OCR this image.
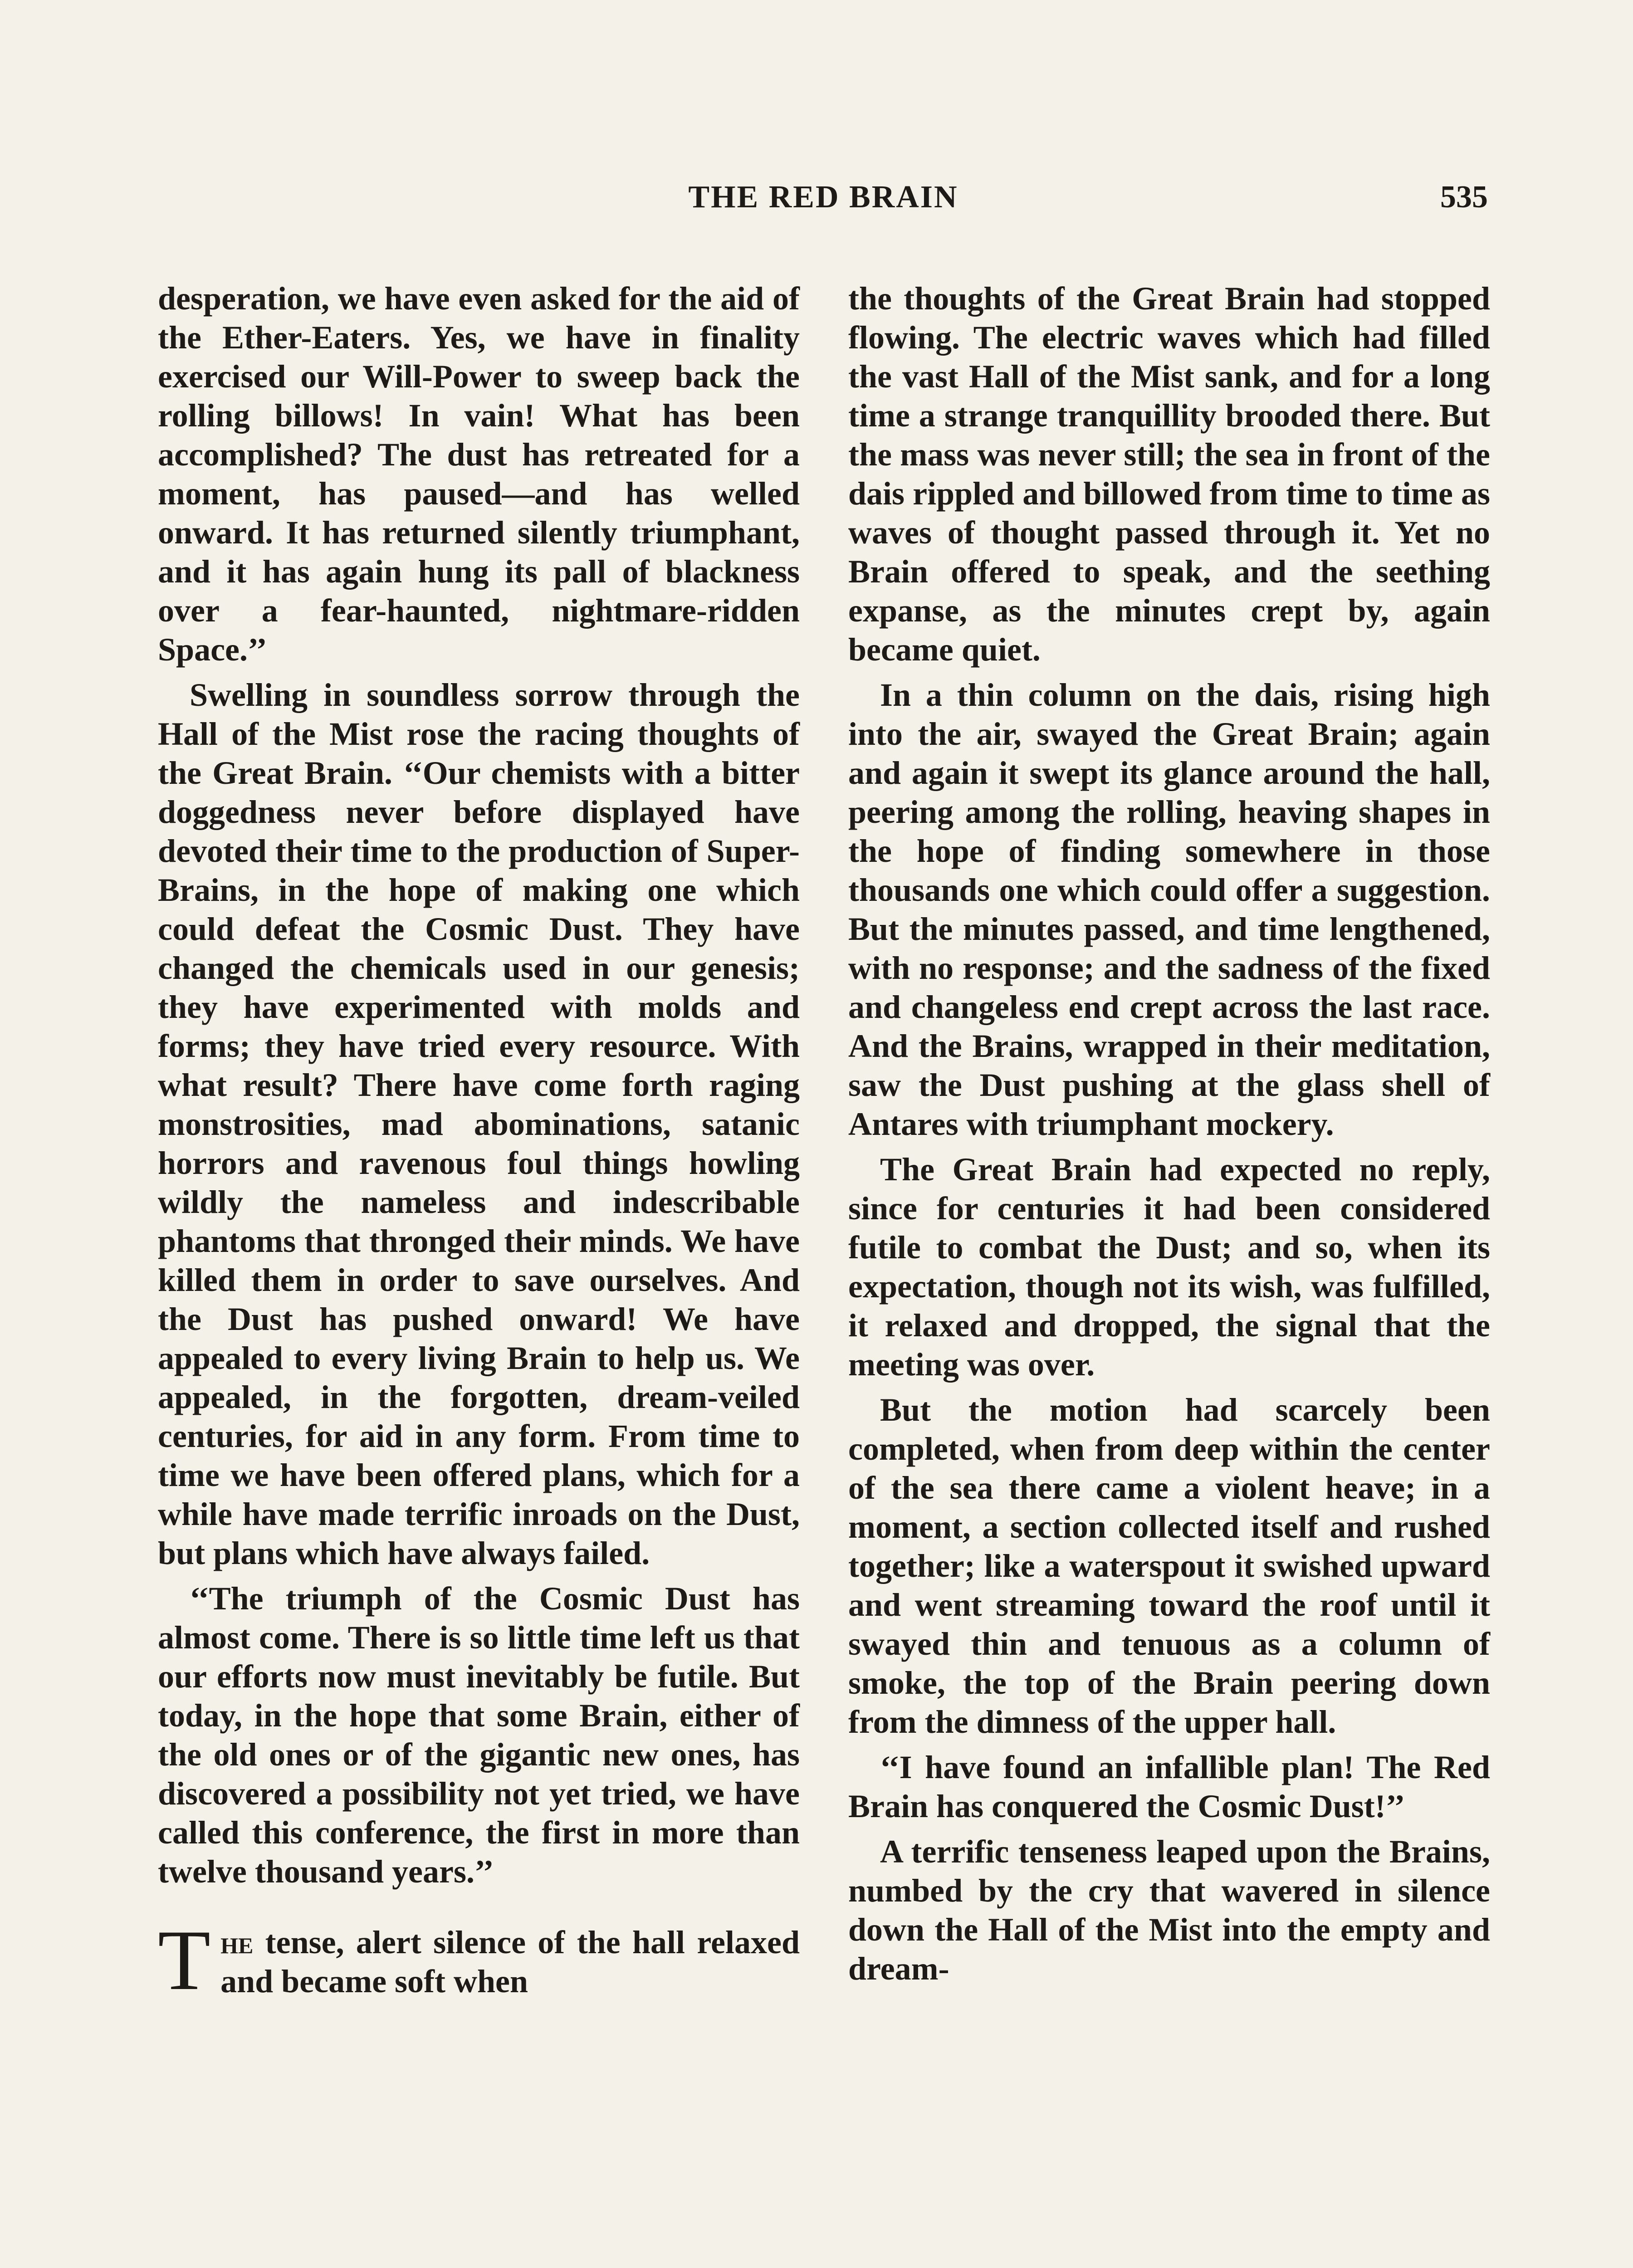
THE RED BRAIN	535

desperation, we have even asked for the aid of the Ether-Eaters. Yes, we have in finality exercised our Will-Power to sweep back the rolling billows! In vain! What has been accomplished? The dust has retreated for a moment, has paused—and has welled onward. It has returned silently triumphant, and it has again hung its pall of blackness over a fear-haunted, nightmare-ridden Space.’’

Swelling in soundless sorrow through the Hall of the Mist rose the racing thoughts of the Great Brain. ‘‘Our chemists with a bitter doggedness never before displayed have devoted their time to the production of Super-Brains, in the hope of making one which could defeat the Cosmic Dust. They have changed the chemicals used in our genesis; they have experimented with molds and forms; they have tried every resource. With what result? There have come forth raging monstrosities, mad abominations, satanic horrors and ravenous foul things howling wildly the nameless and indescribable phantoms that thronged their minds. We have killed them in order to save ourselves. And the Dust has pushed onward! We have appealed to every living Brain to help us. We appealed, in the forgotten, dream-veiled centuries, for aid in any form. From time to time we have been offered plans, which for a while have made terrific inroads on the Dust, but plans which have always failed.

‘‘The triumph of the Cosmic Dust has almost come. There is so little time left us that our efforts now must inevitably be futile. But today, in the hope that some Brain, either of the old ones or of the gigantic new ones, has discovered a possibility not yet tried, we have called this conference, the first in more than twelve thousand years.’’

The tense, alert silence of the hall relaxed and became soft when

the thoughts of the Great Brain had stopped flowing. The electric waves which had filled the vast Hall of the Mist sank, and for a long time a strange tranquillity brooded there. But the mass was never still; the sea in front of the dais rippled and billowed from time to time as waves of thought passed through it. Yet no Brain offered to speak, and the seething expanse, as the minutes crept by, again became quiet.

In a thin column on the dais, rising high into the air, swayed the Great Brain; again and again it swept its glance around the hall, peering among the rolling, heaving shapes in the hope of finding somewhere in those thousands one which could offer a suggestion. But the minutes passed, and time lengthened, with no response; and the sadness of the fixed and changeless end crept across the last race. And the Brains, wrapped in their meditation, saw the Dust pushing at the glass shell of Antares with triumphant mockery.

The Great Brain had expected no reply, since for centuries it had been considered futile to combat the Dust; and so, when its expectation, though not its wish, was fulfilled, it relaxed and dropped, the signal that the meeting was over.

But the motion had scarcely been completed, when from deep within the center of the sea there came a violent heave; in a moment, a section collected itself and rushed together; like a waterspout it swished upward and went streaming toward the roof until it swayed thin and tenuous as a column of smoke, the top of the Brain peering down from the dimness of the upper hall.

‘‘I have found an infallible plan! The Red Brain has conquered the Cosmic Dust!’’

A terrific tenseness leaped upon the Brains, numbed by the cry that wavered in silence down the Hall of the Mist into the empty and dream-
